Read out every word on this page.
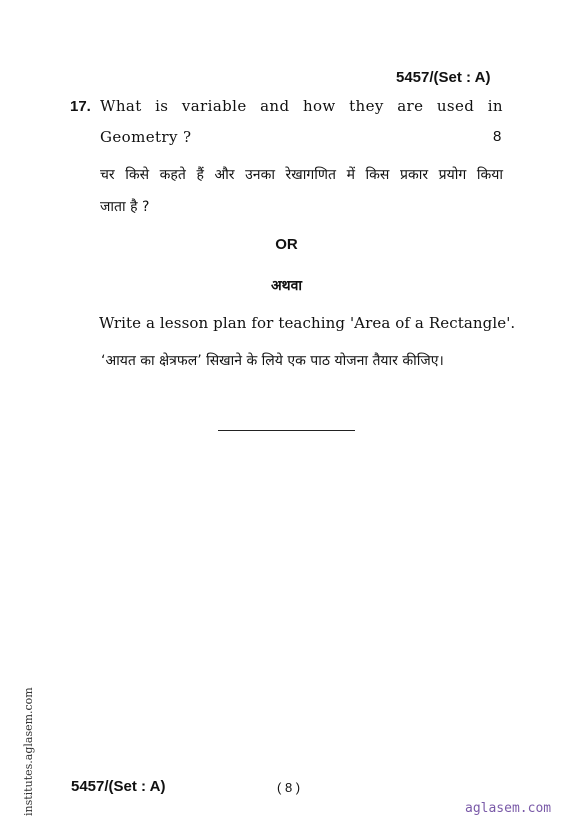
5457/(Set : A)
17. What is variable and how they are used in
Geometry ?	8
चर किसे कहते हैं और उनका रेखागणित में किस प्रकार प्रयोग किया
जाता है ?
OR
अथवा
Write a lesson plan for teaching 'Area of a Rectangle'.
‘आयत का क्षेत्रफल’ सिखाने के लिये एक पाठ योजना तैयार कीजिए।
institutes.aglasem.com 5457/(Set : A)	( 8 )
aglasem.com
